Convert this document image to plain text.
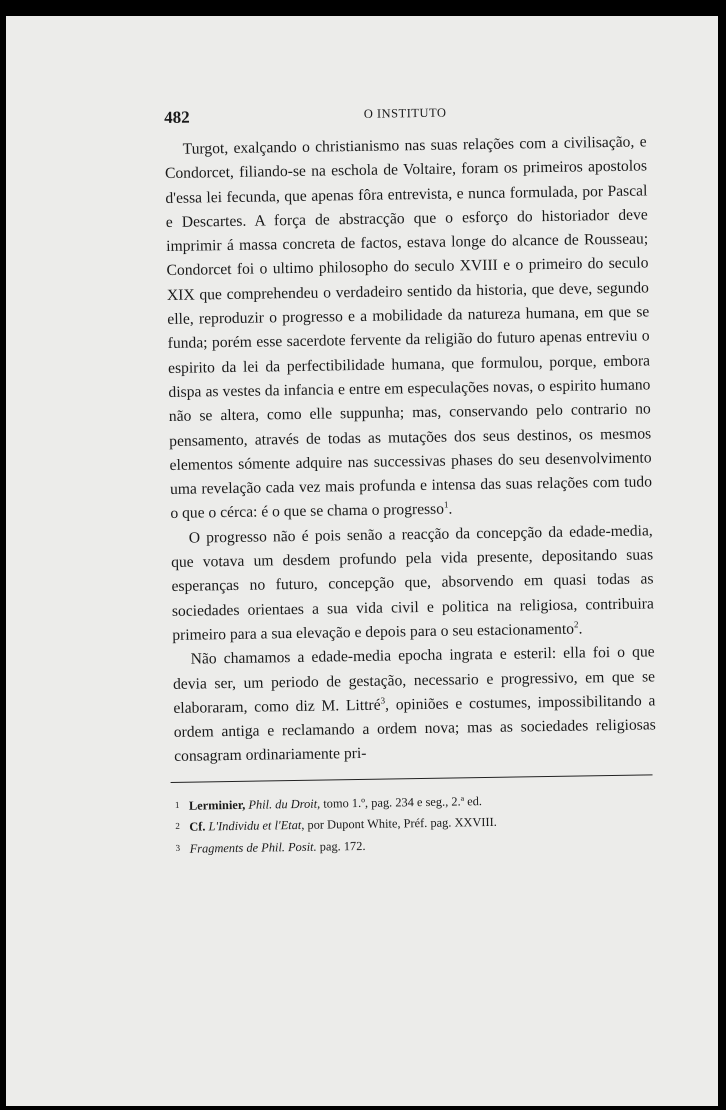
482	O INSTITUTO

Turgot, exalçando o christianismo nas suas relações com a civilisação, e Condorcet, filiando-se na eschola de Voltaire, foram os primeiros apostolos d'essa lei fecunda, que apenas fôra entrevista, e nunca formulada, por Pascal e Descartes. A força de abstracção que o esforço do historiador deve imprimir á massa concreta de factos, estava longe do alcance de Rousseau; Condorcet foi o ultimo philosopho do seculo XVIII e o primeiro do seculo XIX que comprehendeu o verdadeiro sentido da historia, que deve, segundo elle, reproduzir o progresso e a mobilidade da natureza humana, em que se funda; porém esse sacerdote fervente da religião do futuro apenas entreviu o espirito da lei da perfectibilidade humana, que formulou, porque, embora dispa as vestes da infancia e entre em especulações novas, o espirito humano não se altera, como elle suppunha; mas, conservando pelo contrario no pensamento, através de todas as mutações dos seus destinos, os mesmos elementos sómente adquire nas successivas phases do seu desenvolvimento uma revelação cada vez mais profunda e intensa das suas relações com tudo o que o cérca: é o que se chama o progresso$^1$.

O progresso não é pois senão a reacção da concepção da edade-media, que votava um desdem profundo pela vida presente, depositando suas esperanças no futuro, concepção que, absorvendo em quasi todas as sociedades orientaes a sua vida civil e politica na religiosa, contribuira primeiro para a sua elevação e depois para o seu estacionamento$^2$.

Não chamamos a edade-media epocha ingrata e esteril: ella foi o que devia ser, um periodo de gestação, necessario e progressivo, em que se elaboraram, como diz M. Littré$^3$, opiniões e costumes, impossibilitando a ordem antiga e reclamando a ordem nova; mas as sociedades religiosas consagram ordinariamente pri-

1 Lerminier, Phil. du Droit, tomo 1.º, pag. 234 e seg., 2.ª ed.
2 Cf. L'Individu et l'Etat, por Dupont White, Préf. pag. XXVIII.
3 Fragments de Phil. Posit. pag. 172.
